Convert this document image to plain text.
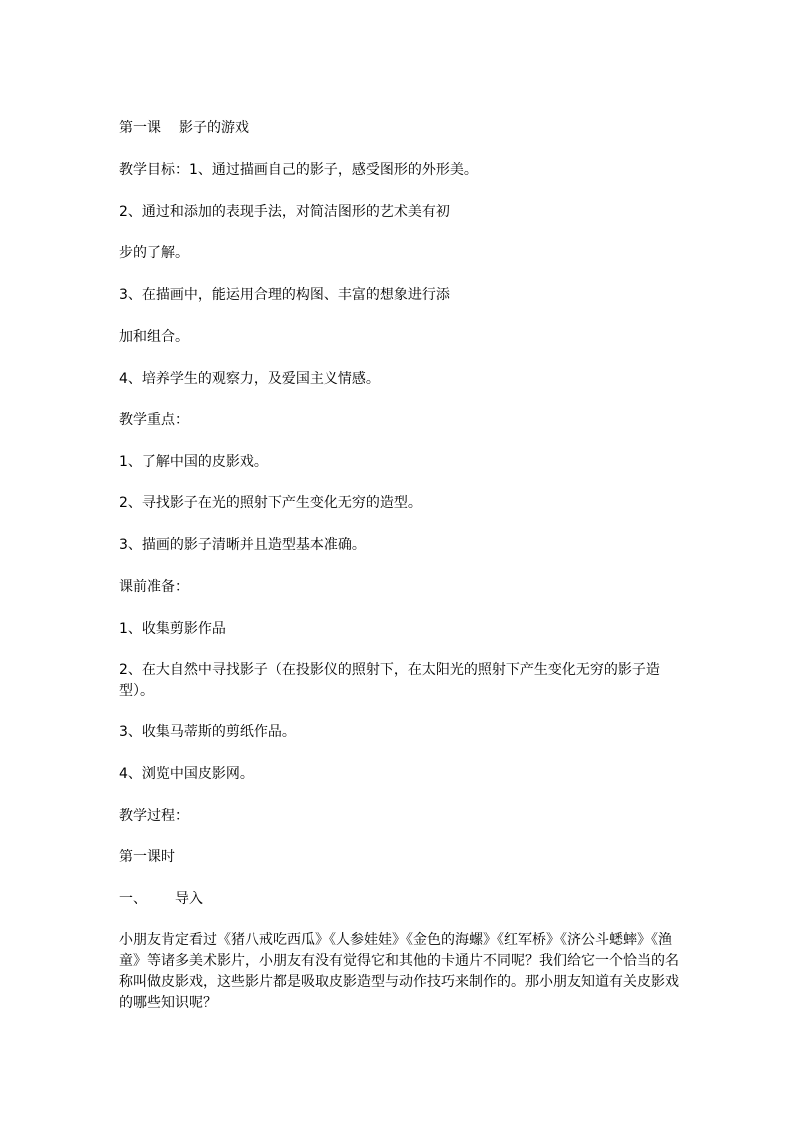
第一课 影子的游戏

教学目标：1、通过描画自己的影子，感受图形的外形美。

2、通过和添加的表现手法，对简洁图形的艺术美有初

步的了解。

3、在描画中，能运用合理的构图、丰富的想象进行添

加和组合。

4、培养学生的观察力，及爱国主义情感。

教学重点：

1、了解中国的皮影戏。

2、寻找影子在光的照射下产生变化无穷的造型。

3、描画的影子清晰并且造型基本准确。

课前准备：

1、收集剪影作品

2、在大自然中寻找影子（在投影仪的照射下，在太阳光的照射下产生变化无穷的影子造型）。

3、收集马蒂斯的剪纸作品。

4、浏览中国皮影网。

教学过程：

第一课时

一、 导入

小朋友肯定看过《猪八戒吃西瓜》《人参娃娃》《金色的海螺》《红军桥》《济公斗蟋蟀》《渔童》等诸多美术影片，小朋友有没有觉得它和其他的卡通片不同呢？我们给它一个恰当的名称叫做皮影戏，这些影片都是吸取皮影造型与动作技巧来制作的。那小朋友知道有关皮影戏的哪些知识呢？
